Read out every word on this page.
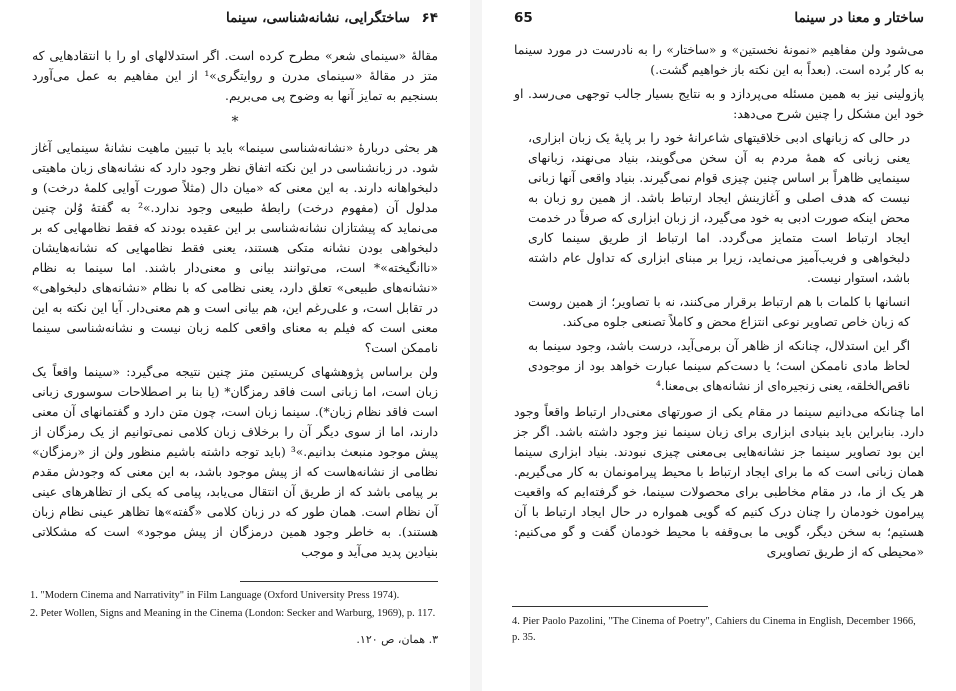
۶۴
ساختگرایی، نشانه‌شناسی، سینما

مقالهٔ «سینمای شعر» مطرح کرده است. اگر استدلالهای او را با انتقادهایی که متز در مقالهٔ «سینمای مدرن و روایتگری»¹ از این مفاهیم به عمل می‌آورد بسنجیم به تمایز آنها به وضوح پی می‌بریم.

*

هر بحثی دربارهٔ «نشانه‌شناسی سینما» باید با تبیین ماهیت نشانهٔ سینمایی آغاز شود. در زبانشناسی در این نکته اتفاق نظر وجود دارد که نشانه‌های زبان ماهیتی دلبخواهانه دارند. به این معنی که «میان دال (مثلاً صورت آوایی کلمهٔ درخت) و مدلول آن (مفهوم درخت) رابطهٔ طبیعی وجود ندارد.»² به گفتهٔ وُلن چنین می‌نماید که پیشتازان نشانه‌شناسی بر این عقیده بودند که فقط نظامهایی که بر دلبخواهی بودن نشانه متکی هستند، یعنی فقط نظامهایی که نشانه‌هایشان «ناانگیخته»* است، می‌توانند بیانی و معنی‌دار باشند. اما سینما به نظام «نشانه‌های طبیعی» تعلق دارد، یعنی نظامی که با نظام «نشانه‌های دلبخواهی» در تقابل است، و علی‌رغم این، هم بیانی است و هم معنی‌دار. آیا این نکته به این معنی است که فیلم به معنای واقعی کلمه زبان نیست و نشانه‌شناسی سینما ناممکن است؟

ولن براساس پژوهشهای کریستین متز چنین نتیجه می‌گیرد: «سینما واقعاً یک زبان است، اما زبانی است فاقد رمزگان* (یا بنا بر اصطلاحات سوسوری زبانی است فاقد نظام زبان*). سینما زبان است، چون متن دارد و گفتمانهای آن معنی دارند، اما از سوی دیگر آن را برخلاف زبان کلامی نمی‌توانیم از یک رمزگان از پیش موجود منبعث بدانیم.»³ (باید توجه داشته باشیم منظور ولن از «رمزگان» نظامی از نشانه‌هاست که از پیش موجود باشد، به این معنی که وجودش مقدم بر پیامی باشد که از طریق آن انتقال می‌یابد، پیامی که یکی از تظاهرهای عینی آن نظام است. همان طور که در زبان کلامی «گفته»ها تظاهر عینی نظام زبان هستند). به خاطر وجود همین درمزگان از پیش موجود» است که مشکلاتی بنیادین پدید می‌آید و موجب

1. "Modern Cinema and Narrativity" in Film Language (Oxford University Press 1974).

2. Peter Wollen, Signs and Meaning in the Cinema (London: Secker and Warburg, 1969), p. 117.

۳. همان، ص ۱۲۰.
65	ساختار و معنا در سینما

می‌شود ولن مفاهیم «نمونهٔ نخستین» و «ساختار» را به نادرست در مورد سینما به کار بُرده است. (بعداً به این نکته باز خواهیم گشت.)

پازولینی نیز به همین مسئله می‌پردازد و به نتایج بسیار جالب توجهی می‌رسد. او خود این مشکل را چنین شرح می‌دهد:

در حالی که زبانهای ادبی خلاقیتهای شاعرانهٔ خود را بر پایهٔ یک زبان ابزاری، یعنی زبانی که همهٔ مردم به آن سخن می‌گویند، بنیاد می‌نهند، زبانهای سینمایی ظاهراً بر اساس چنین چیزی قوام نمی‌گیرند. بنیاد واقعی آنها زبانی نیست که هدف اصلی و آغازینش ایجاد ارتباط باشد. از همین رو زبان به محض اینکه صورت ادبی به خود می‌گیرد، از زبان ابزاری که صرفاً در خدمت ایجاد ارتباط است متمایز می‌گردد. اما ارتباط از طریق سینما کاری دلبخواهی و فریب‌آمیز می‌نماید، زیرا بر مبنای ابزاری که تداول عام داشته باشد، استوار نیست.

انسانها با کلمات با هم ارتباط برقرار می‌کنند، نه با تصاویر؛ از همین روست که زبان خاص تصاویر نوعی انتزاع محض و کاملاً تصنعی جلوه می‌کند.

اگر این استدلال، چنانکه از ظاهر آن برمی‌آید، درست باشد، وجود سینما به لحاظ مادی ناممکن است؛ یا دست‌کم سینما عبارت خواهد بود از موجودی ناقص‌الخلقه، یعنی زنجیره‌ای از نشانه‌های بی‌معنا.⁴

اما چنانکه می‌دانیم سینما در مقام یکی از صورتهای معنی‌دار ارتباط واقعاً وجود دارد. بنابراین باید بنیادی ابزاری برای زبان سینما نیز وجود داشته باشد. اگر جز این بود تصاویر سینما جز نشانه‌هایی بی‌معنی چیزی نبودند. بنیاد ابزاری سینما همان زبانی است که ما برای ایجاد ارتباط با محیط پیرامونمان به کار می‌گیریم. هر یک از ما، در مقام مخاطبی برای محصولات سینما، خو گرفته‌ایم که واقعیت پیرامون خودمان را چنان درک کنیم که گویی همواره در حال ایجاد ارتباط با آن هستیم؛ به سخن دیگر، گویی ما بی‌وقفه با محیط خودمان گفت و گو می‌کنیم: «محیطی که از طریق تصاویری

4. Pier Paolo Pazolini, "The Cinema of Poetry", Cahiers du Cinema in English, December 1966, p. 35.
